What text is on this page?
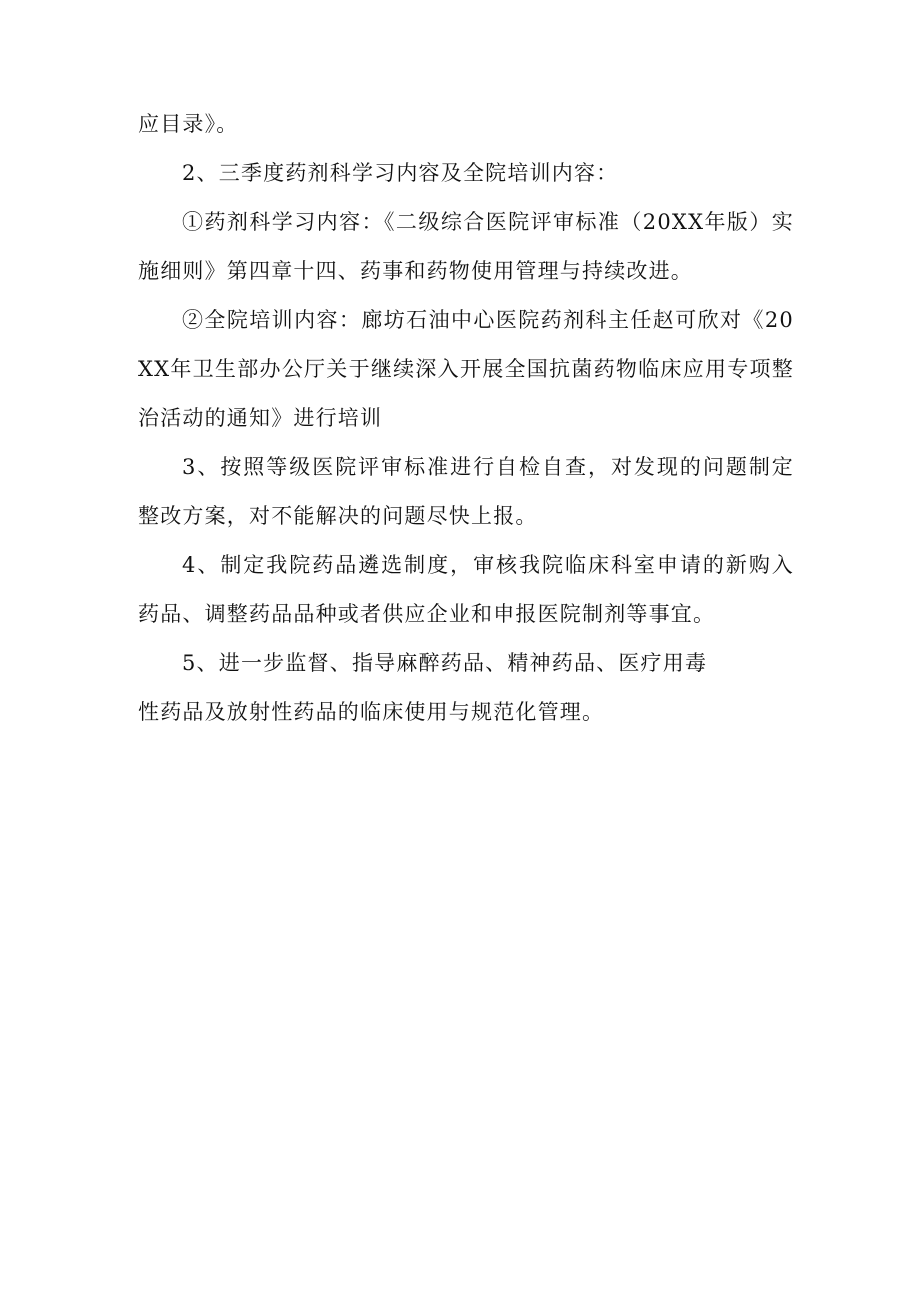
应目录》。

2、三季度药剂科学习内容及全院培训内容：

①药剂科学习内容：《二级综合医院评审标准（20XX年版）实施细则》第四章十四、药事和药物使用管理与持续改进。

②全院培训内容：廊坊石油中心医院药剂科主任赵可欣对《20XX年卫生部办公厅关于继续深入开展全国抗菌药物临床应用专项整治活动的通知》进行培训

3、按照等级医院评审标准进行自检自查，对发现的问题制定整改方案，对不能解决的问题尽快上报。

4、制定我院药品遴选制度，审核我院临床科室申请的新购入药品、调整药品品种或者供应企业和申报医院制剂等事宜。

5、进一步监督、指导麻醉药品、精神药品、医疗用毒

性药品及放射性药品的临床使用与规范化管理。
